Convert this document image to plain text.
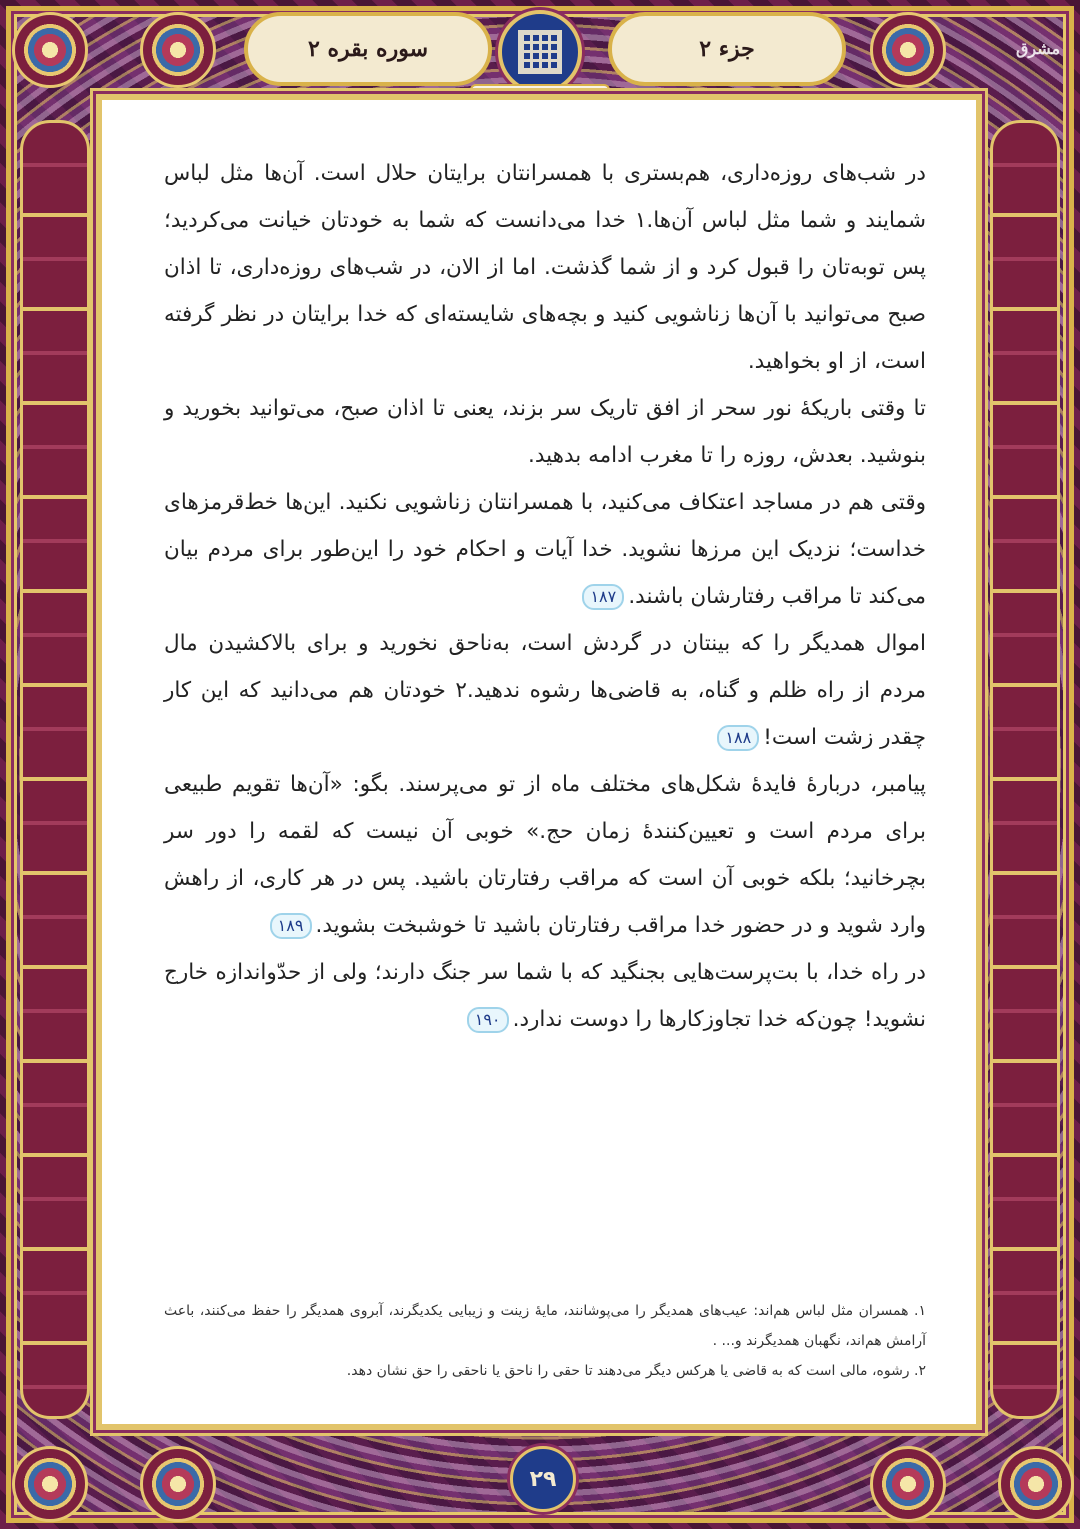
سوره بقره ۲	جزء ۲	مشرق

در شب‌های روزه‌داری، هم‌بستری با همسرانتان برایتان حلال است. آن‌ها مثل لباس شمایند و شما مثل لباس آن‌ها.۱ خدا می‌دانست که شما به خودتان خیانت می‌کردید؛ پس توبه‌تان را قبول کرد و از شما گذشت. اما از الان، در شب‌های روزه‌داری، تا اذان صبح می‌توانید با آن‌ها زناشویی کنید و بچه‌های شایسته‌ای که خدا برایتان در نظر گرفته است، از او بخواهید.

تا وقتی باریکهٔ نور سحر از افق تاریک سر بزند، یعنی تا اذان صبح، می‌توانید بخورید و بنوشید. بعدش، روزه را تا مغرب ادامه بدهید.

وقتی هم در مساجد اعتکاف می‌کنید، با همسرانتان زناشویی نکنید. این‌ها خط‌قرمزهای خداست؛ نزدیک این مرزها نشوید. خدا آیات و احکام خود را این‌طور برای مردم بیان می‌کند تا مراقب رفتارشان باشند.۱۸۷

اموال همدیگر را که بینتان در گردش است، به‌ناحق نخورید و برای بالاکشیدن مال مردم از راه ظلم و گناه، به قاضی‌ها رشوه ندهید.۲ خودتان هم می‌دانید که این کار چقدر زشت است!۱۸۸

پیامبر، دربارهٔ فایدهٔ شکل‌های مختلف ماه از تو می‌پرسند. بگو: «آن‌ها تقویم طبیعی برای مردم است و تعیین‌کنندهٔ زمان حج.» خوبی آن نیست که لقمه را دور سر بچرخانید؛ بلکه خوبی آن است که مراقب رفتارتان باشید. پس در هر کاری، از راهش وارد شوید و در حضور خدا مراقب رفتارتان باشید تا خوشبخت بشوید.۱۸۹

در راه خدا، با بت‌پرست‌هایی بجنگید که با شما سر جنگ دارند؛ ولی از حدّواندازه خارج نشوید! چون‌که خدا تجاوزکارها را دوست ندارد.۱۹۰

۱. همسران مثل لباس هم‌اند: عیب‌های همدیگر را می‌پوشانند، مایهٔ زینت و زیبایی یکدیگرند، آبروی همدیگر را حفظ می‌کنند، باعث آرامش هم‌اند، نگهبان همدیگرند و... .

۲. رشوه، مالی است که به قاضی یا هرکس دیگر می‌دهند تا حقی را ناحق یا ناحقی را حق نشان دهد.

۲۹
